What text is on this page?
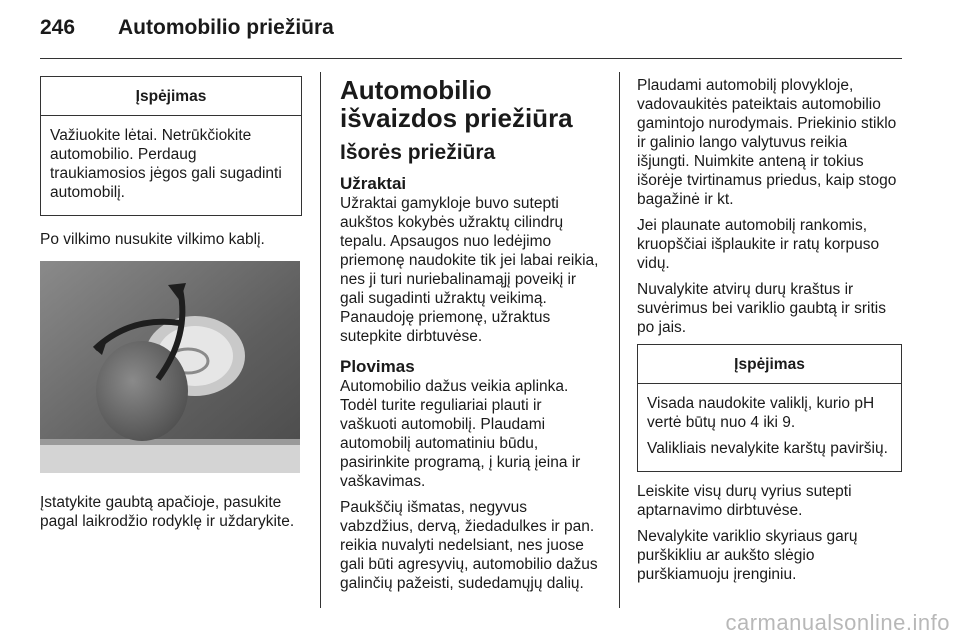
246 Automobilio priežiūra
Įspėjimas

Važiuokite lėtai. Netrūkčiokite automobilio. Perdaug traukiamosios jėgos gali sugadinti automobilį.

Po vilkimo nusukite vilkimo kablį.

Įstatykite gaubtą apačioje, pasukite pagal laikrodžio rodyklę ir uždarykite.

Automobilio išvaizdos priežiūra
Išorės priežiūra
Užraktai

Užraktai gamykloje buvo sutepti aukštos kokybės užraktų cilindrų tepalu. Apsaugos nuo ledėjimo priemonę naudokite tik jei labai reikia, nes ji turi nuriebalinamąjį poveikį ir gali sugadinti užraktų veikimą. Panaudoję priemonę, užraktus sutepkite dirbtuvėse.

Plovimas

Automobilio dažus veikia aplinka. Todėl turite reguliariai plauti ir vaškuoti automobilį. Plaudami automobilį automatiniu būdu, pasirinkite programą, į kurią įeina ir vaškavimas.

Paukščių išmatas, negyvus vabzdžius, dervą, žiedadulkes ir pan. reikia nuvalyti nedelsiant, nes juose gali būti agresyvių, automobilio dažus galinčių pažeisti, sudedamųjų dalių.

Plaudami automobilį plovykloje, vadovaukitės pateiktais automobilio gamintojo nurodymais. Priekinio stiklo ir galinio lango valytuvus reikia išjungti. Nuimkite anteną ir tokius išorėje tvirtinamus priedus, kaip stogo bagažinė ir kt.

Jei plaunate automobilį rankomis, kruopščiai išplaukite ir ratų korpuso vidų.

Nuvalykite atvirų durų kraštus ir suvėrimus bei variklio gaubtą ir sritis po jais.

Įspėjimas

Visada naudokite valiklį, kurio pH vertė būtų nuo 4 iki 9.

Valikliais nevalykite karštų paviršių.

Leiskite visų durų vyrius sutepti aptarnavimo dirbtuvėse.

Nevalykite variklio skyriaus garų purškikliu ar aukšto slėgio purškiamuoju įrenginiu.

carmanualsonline.info
